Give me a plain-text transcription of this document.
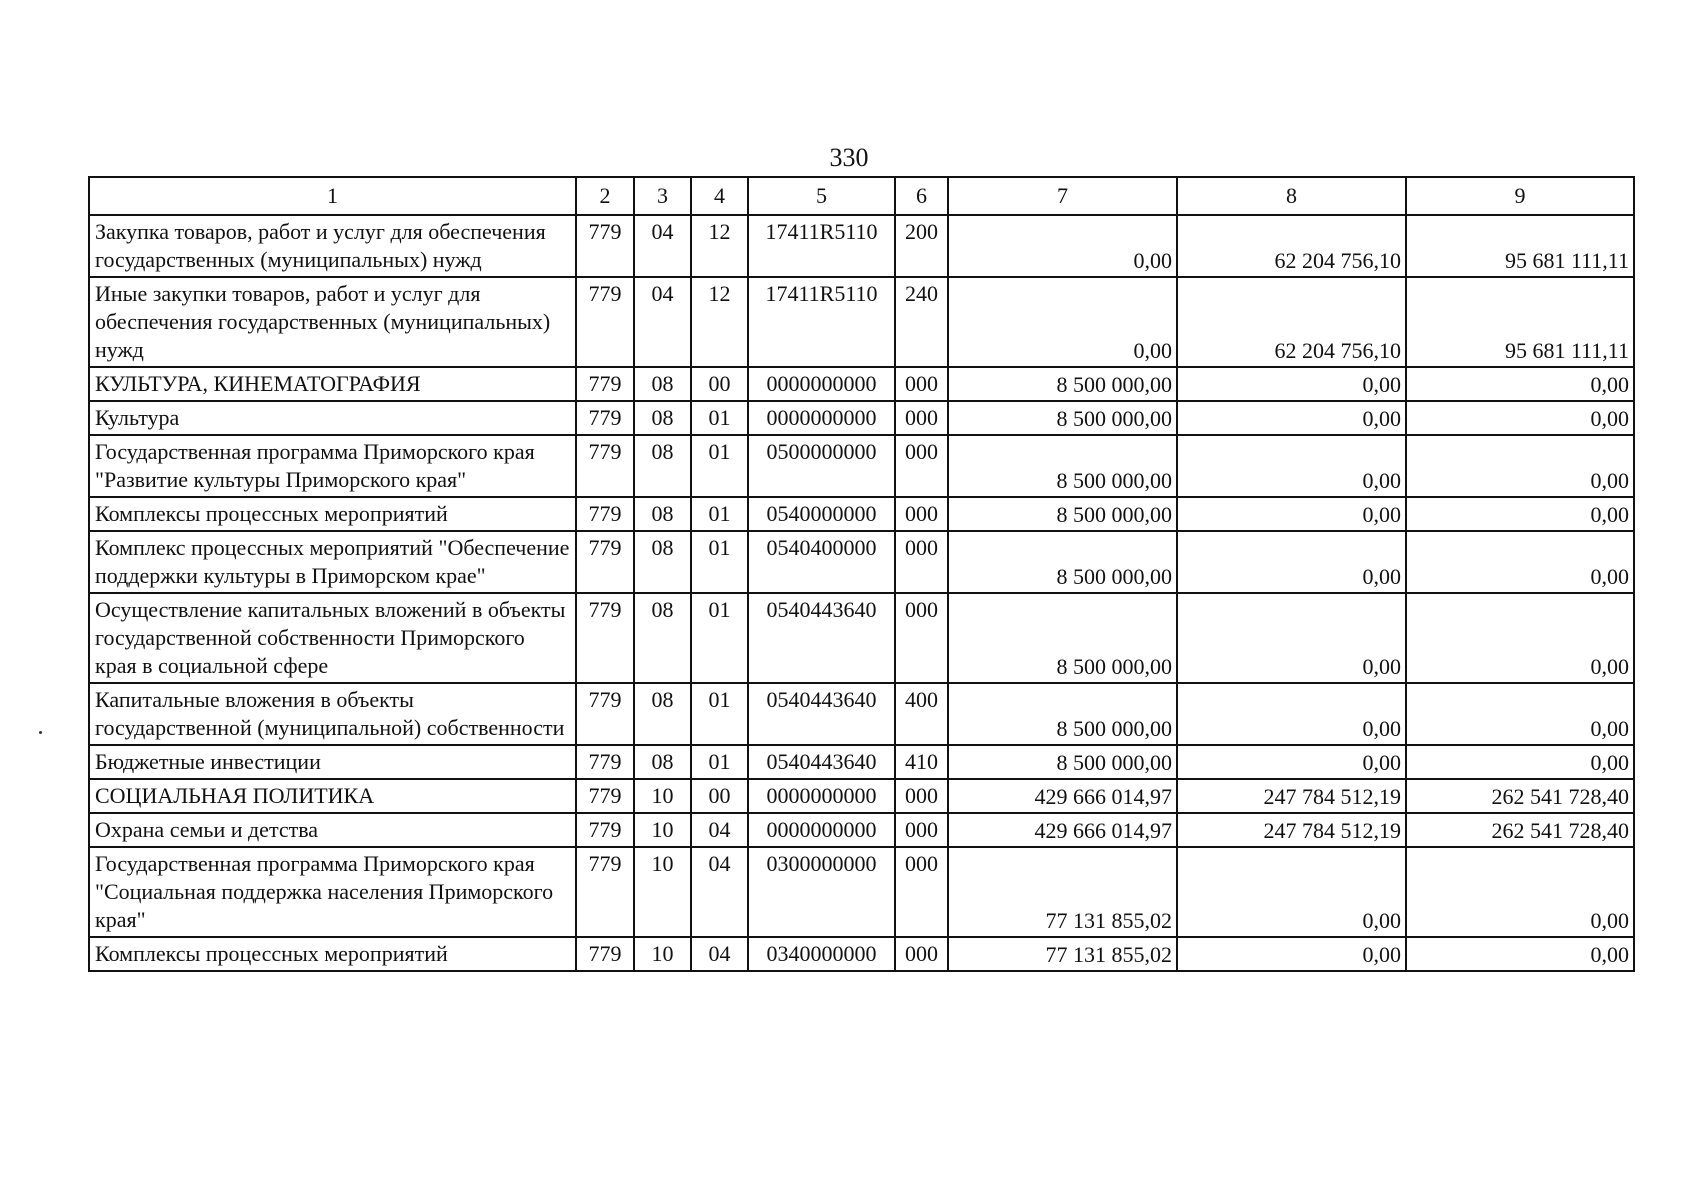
330
1	2	3	4	5	6	7	8	9
Закупка товаров, работ и услуг для обеспечения государственных (муниципальных) нужд	779	04	12	17411R5110	200	0,00	62 204 756,10	95 681 111,11
Иные закупки товаров, работ и услуг для обеспечения государственных (муниципальных) нужд	779	04	12	17411R5110	240	0,00	62 204 756,10	95 681 111,11
КУЛЬТУРА, КИНЕМАТОГРАФИЯ	779	08	00	0000000000	000	8 500 000,00	0,00	0,00
Культура	779	08	01	0000000000	000	8 500 000,00	0,00	0,00
Государственная программа Приморского края "Развитие культуры Приморского края"	779	08	01	0500000000	000	8 500 000,00	0,00	0,00
Комплексы процессных мероприятий	779	08	01	0540000000	000	8 500 000,00	0,00	0,00
Комплекс процессных мероприятий "Обеспечение поддержки культуры в Приморском крае"	779	08	01	0540400000	000	8 500 000,00	0,00	0,00
Осуществление капитальных вложений в объекты государственной собственности Приморского края в социальной сфере	779	08	01	0540443640	000	8 500 000,00	0,00	0,00
Капитальные вложения в объекты государственной (муниципальной) собственности	779	08	01	0540443640	400	8 500 000,00	0,00	0,00
Бюджетные инвестиции	779	08	01	0540443640	410	8 500 000,00	0,00	0,00
СОЦИАЛЬНАЯ ПОЛИТИКА	779	10	00	0000000000	000	429 666 014,97	247 784 512,19	262 541 728,40
Охрана семьи и детства	779	10	04	0000000000	000	429 666 014,97	247 784 512,19	262 541 728,40
Государственная программа Приморского края "Социальная поддержка населения Приморского края"	779	10	04	0300000000	000	77 131 855,02	0,00	0,00
Комплексы процессных мероприятий	779	10	04	0340000000	000	77 131 855,02	0,00	0,00
